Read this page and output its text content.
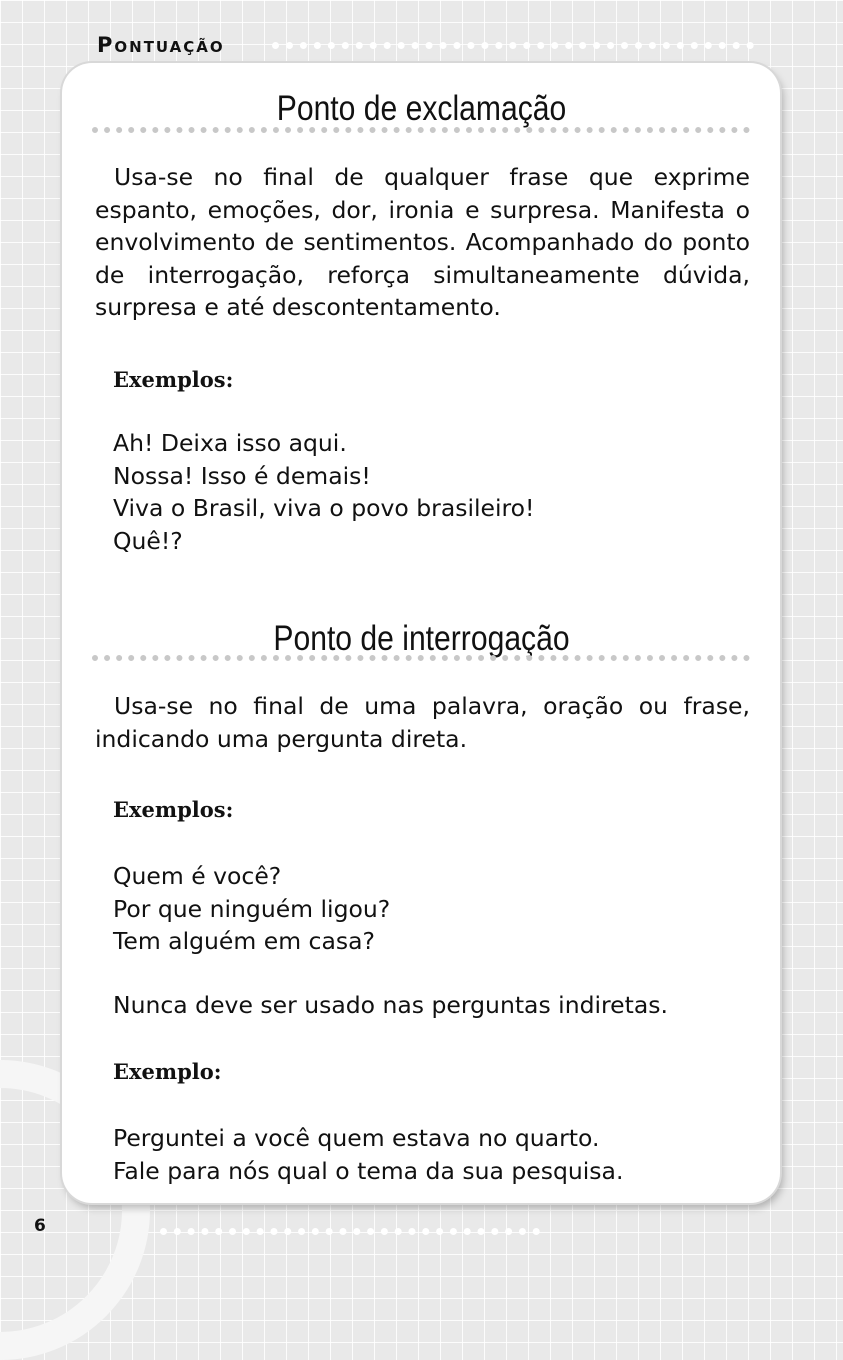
Pontuação
6
Ponto de exclamação

Usa-se no final de qualquer frase que exprime espanto, emoções, dor, ironia e surpresa. Manifesta o envolvimento de sentimentos. Acompanhado do ponto de interrogação, reforça simultaneamente dúvida, surpresa e até descontentamento.

Exemplos:

Ah! Deixa isso aqui.
Nossa! Isso é demais!
Viva o Brasil, viva o povo brasileiro!
Quê!?
Ponto de interrogação

Usa-se no final de uma palavra, oração ou frase, indicando uma pergunta direta.

Exemplos:

Quem é você?
Por que ninguém ligou?
Tem alguém em casa?

Nunca deve ser usado nas perguntas indiretas.

Exemplo:

Perguntei a você quem estava no quarto.
Fale para nós qual o tema da sua pesquisa.
